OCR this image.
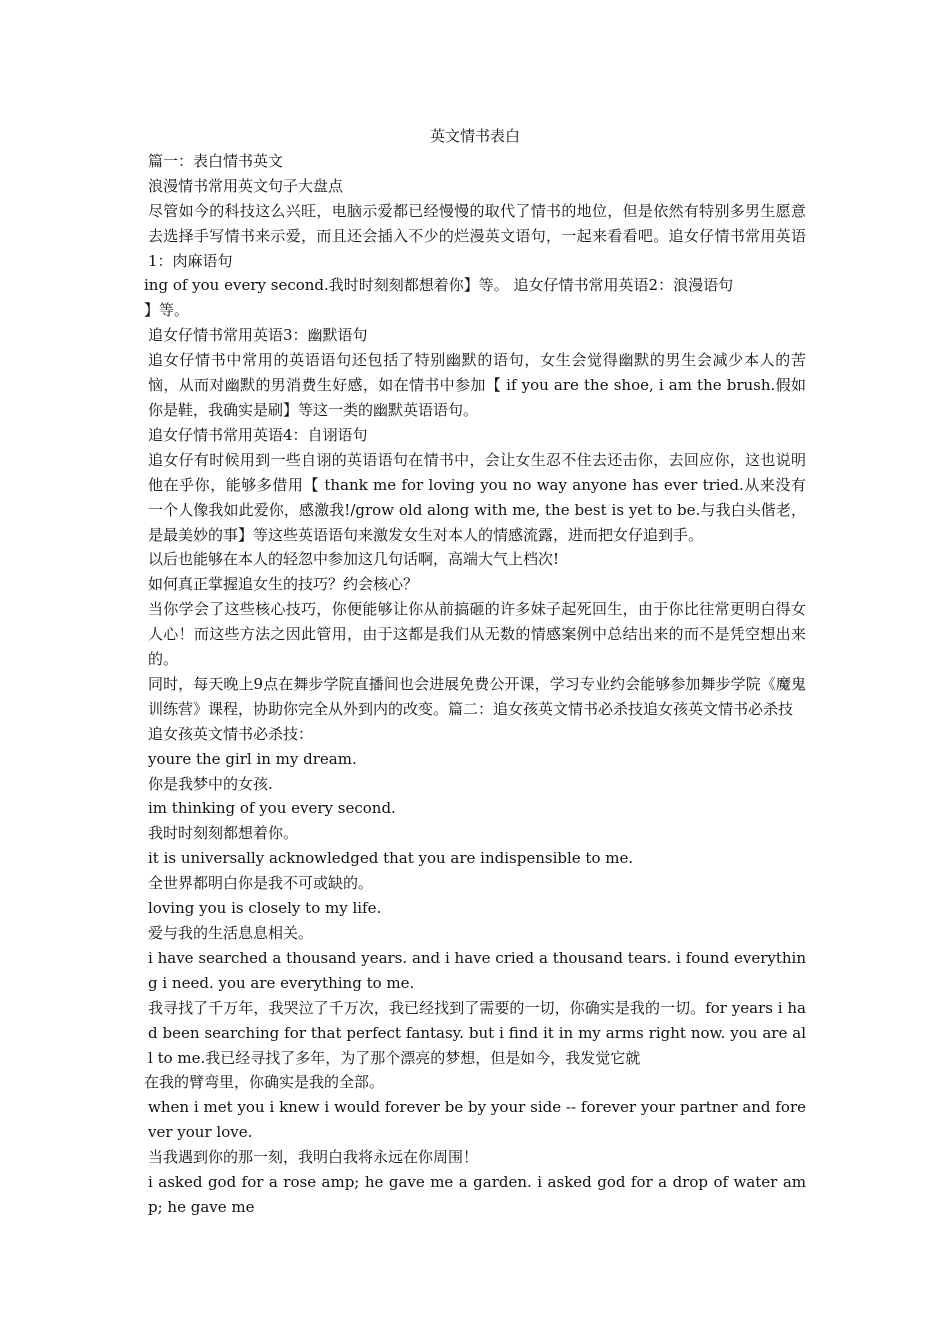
英文情书表白

篇一：表白情书英文

浪漫情书常用英文句子大盘点

尽管如今的科技这么兴旺，电脑示爱都已经慢慢的取代了情书的地位，但是依然有特别多男生愿意去选择手写情书来示爱，而且还会插入不少的烂漫英文语句，一起来看看吧。追女仔情书常用英语1：肉麻语句

ing of you every second.我时时刻刻都想着你】等。 追女仔情书常用英语2：浪漫语句

】等。

追女仔情书常用英语3：幽默语句

追女仔情书中常用的英语语句还包括了特别幽默的语句，女生会觉得幽默的男生会减少本人的苦恼，从而对幽默的男消费生好感，如在情书中参加【 if you are the shoe, i am the brush.假如你是鞋，我确实是刷】等这一类的幽默英语语句。

追女仔情书常用英语4：自诩语句

追女仔有时候用到一些自诩的英语语句在情书中，会让女生忍不住去还击你，去回应你，这也说明他在乎你，能够多借用【 thank me for loving you no way anyone has ever tried.从来没有一个人像我如此爱你，感激我!/grow old along with me, the best is yet to be.与我白头偕老，是最美妙的事】等这些英语语句来激发女生对本人的情感流露，进而把女仔追到手。

以后也能够在本人的轻忽中参加这几句话啊，高端大气上档次!

如何真正掌握追女生的技巧？约会核心？

当你学会了这些核心技巧，你便能够让你从前搞砸的许多妹子起死回生，由于你比往常更明白得女人心！而这些方法之因此管用，由于这都是我们从无数的情感案例中总结出来的而不是凭空想出来的。

同时，每天晚上9点在舞步学院直播间也会进展免费公开课，学习专业约会能够参加舞步学院《魔鬼训练营》课程，协助你完全从外到内的改变。篇二：追女孩英文情书必杀技追女孩英文情书必杀技

追女孩英文情书必杀技：

youre the girl in my dream.

你是我梦中的女孩.

im thinking of you every second.

我时时刻刻都想着你。

it is universally acknowledged that you are indispensible to me.

全世界都明白你是我不可或缺的。

loving you is closely to my life.

爱与我的生活息息相关。

i have searched a thousand years. and i have cried a thousand tears. i found everything i need. you are everything to me.

我寻找了千万年，我哭泣了千万次，我已经找到了需要的一切，你确实是我的一切。for years i had been searching for that perfect fantasy. but i find it in my arms right now. you are all to me.我已经寻找了多年，为了那个漂亮的梦想，但是如今，我发觉它就

在我的臂弯里，你确实是我的全部。

when i met you i knew i would forever be by your side -- forever your partner and forever your love.

当我遇到你的那一刻，我明白我将永远在你周围！

i asked god for a rose amp; he gave me a garden. i asked god for a drop of water amp; he gave me
